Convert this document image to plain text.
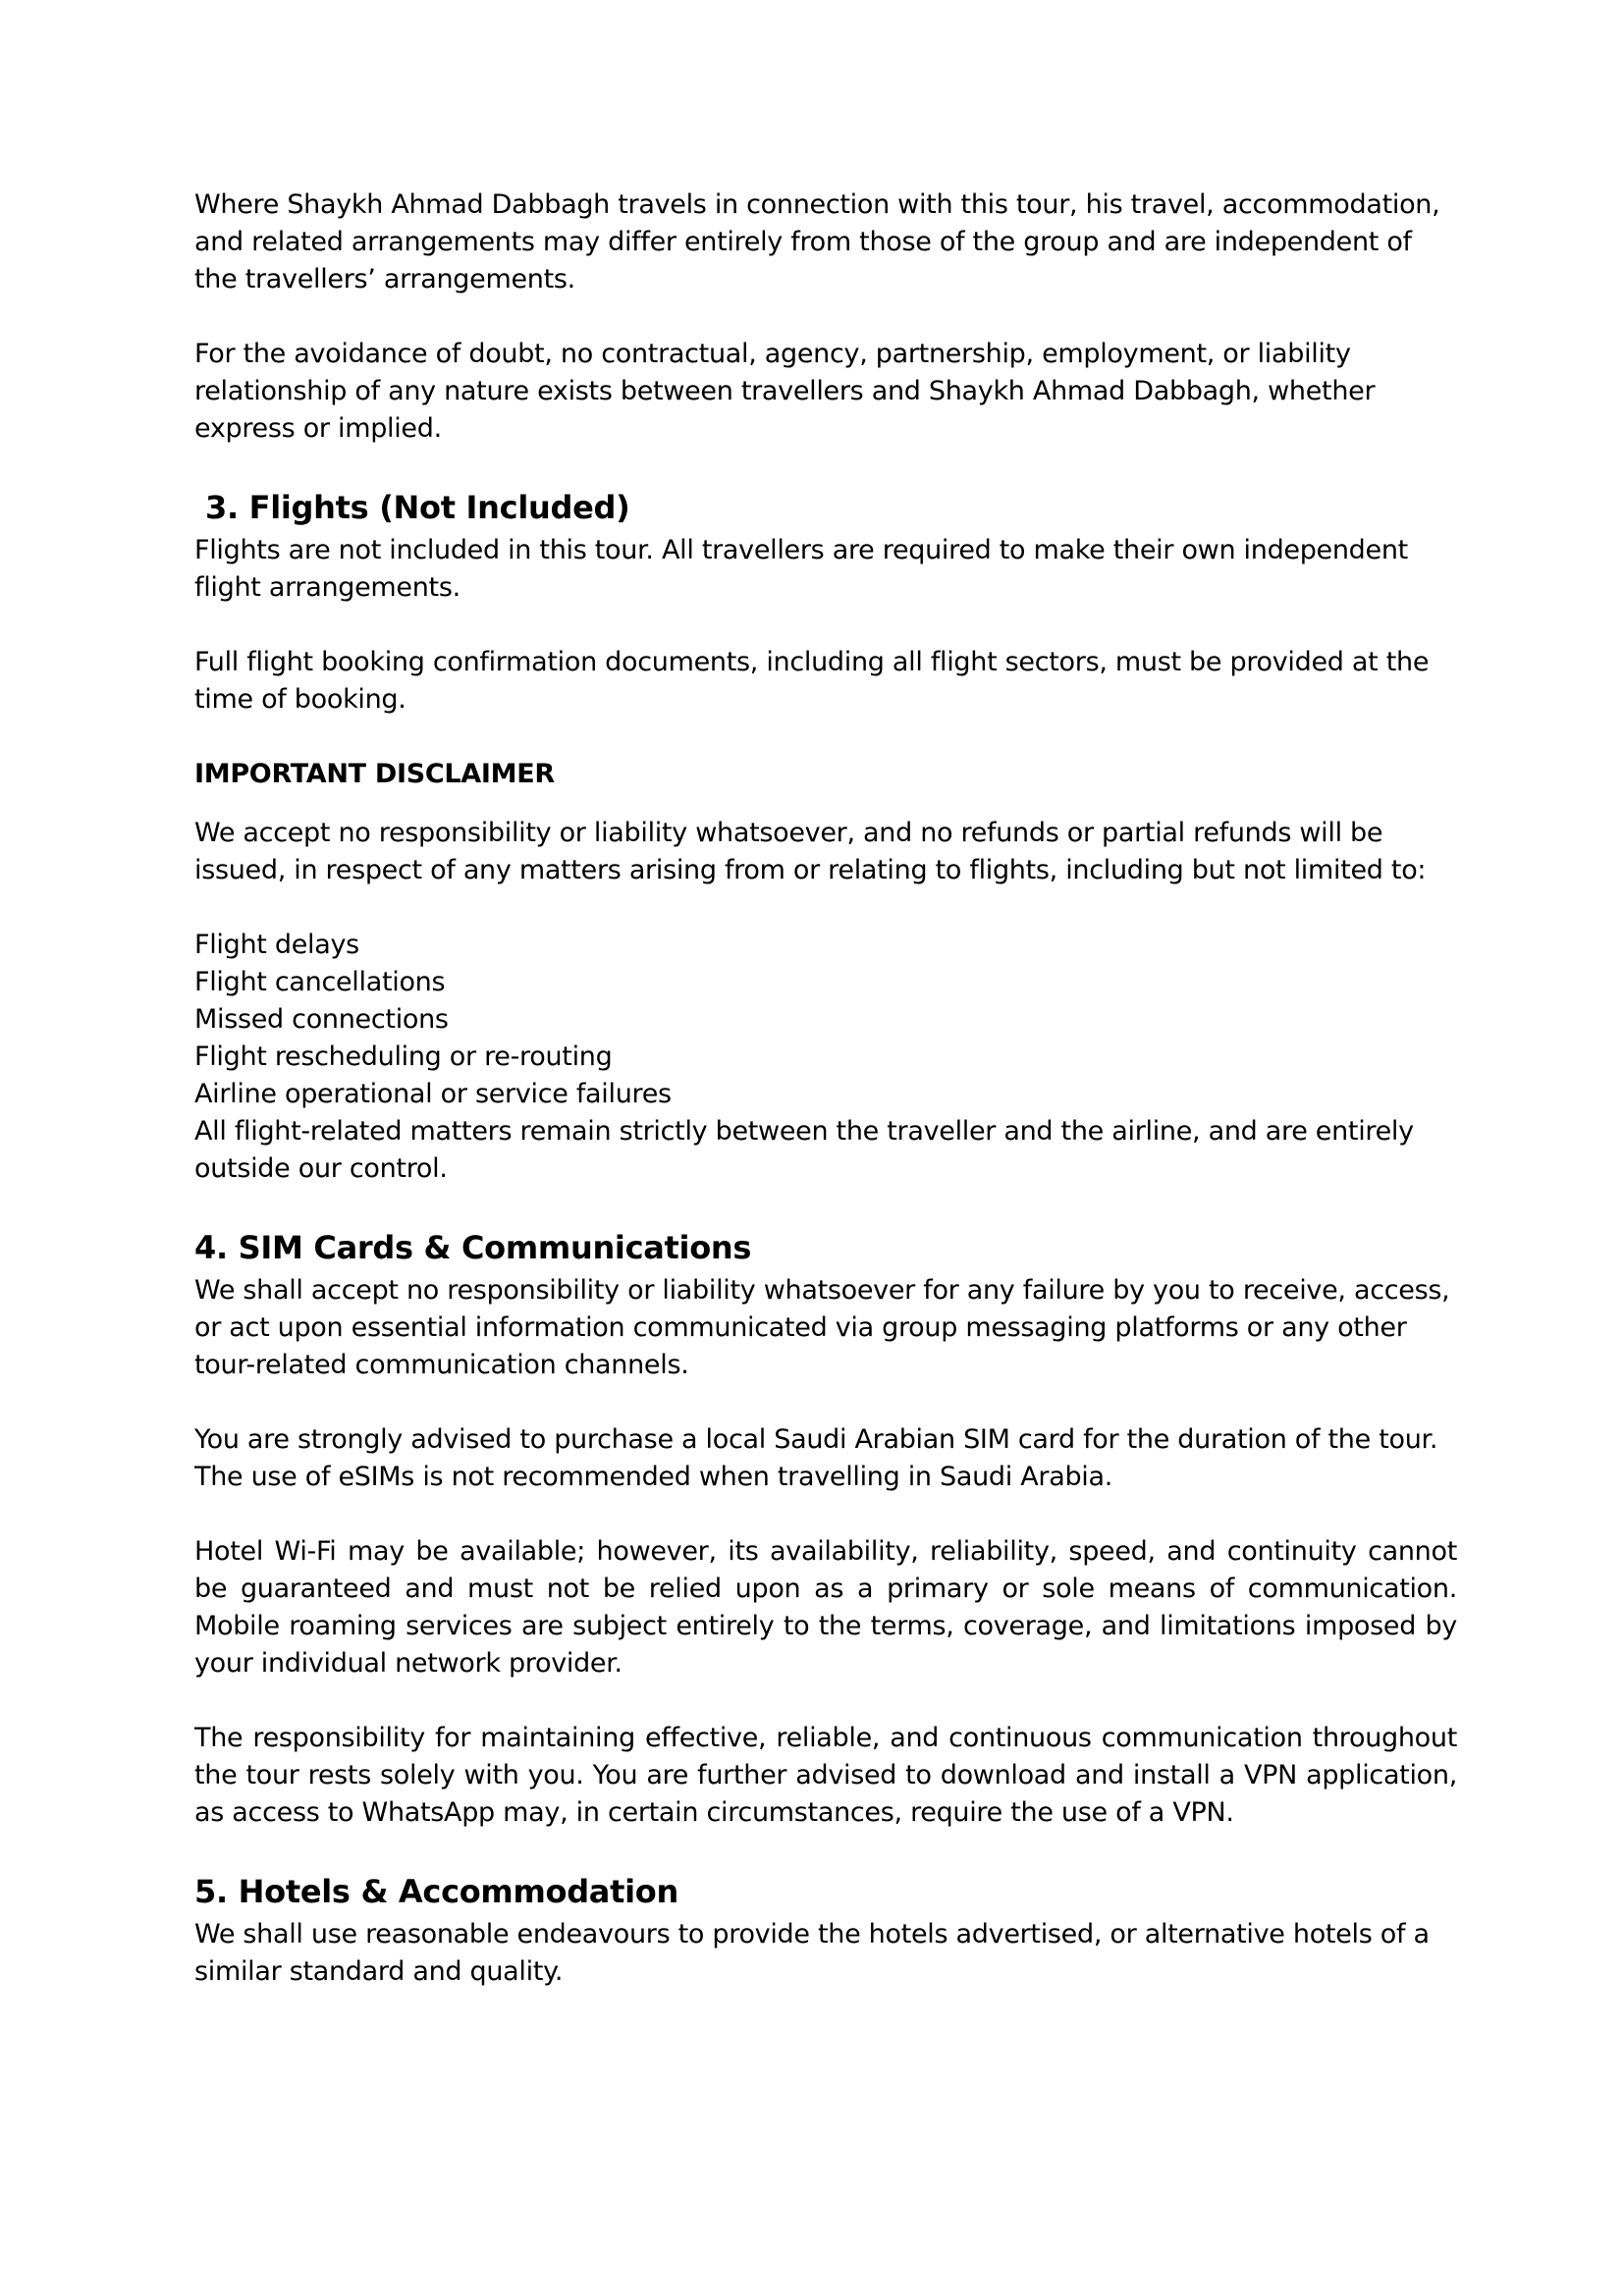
Where Shaykh Ahmad Dabbagh travels in connection with this tour, his travel, accommodation, and related arrangements may differ entirely from those of the group and are independent of the travellers’ arrangements.

For the avoidance of doubt, no contractual, agency, partnership, employment, or liability relationship of any nature exists between travellers and Shaykh Ahmad Dabbagh, whether express or implied.

3. Flights (Not Included)

Flights are not included in this tour. All travellers are required to make their own independent flight arrangements.

Full flight booking confirmation documents, including all flight sectors, must be provided at the time of booking.

IMPORTANT DISCLAIMER

We accept no responsibility or liability whatsoever, and no refunds or partial refunds will be issued, in respect of any matters arising from or relating to flights, including but not limited to:

Flight delays

Flight cancellations

Missed connections

Flight rescheduling or re-routing

Airline operational or service failures

All flight-related matters remain strictly between the traveller and the airline, and are entirely outside our control.

4. SIM Cards & Communications

We shall accept no responsibility or liability whatsoever for any failure by you to receive, access, or act upon essential information communicated via group messaging platforms or any other tour-related communication channels.

You are strongly advised to purchase a local Saudi Arabian SIM card for the duration of the tour. The use of eSIMs is not recommended when travelling in Saudi Arabia.

Hotel Wi-Fi may be available; however, its availability, reliability, speed, and continuity cannot be guaranteed and must not be relied upon as a primary or sole means of communication. Mobile roaming services are subject entirely to the terms, coverage, and limitations imposed by your individual network provider.

The responsibility for maintaining effective, reliable, and continuous communication throughout the tour rests solely with you. You are further advised to download and install a VPN application, as access to WhatsApp may, in certain circumstances, require the use of a VPN.

5. Hotels & Accommodation

We shall use reasonable endeavours to provide the hotels advertised, or alternative hotels of a similar standard and quality.
